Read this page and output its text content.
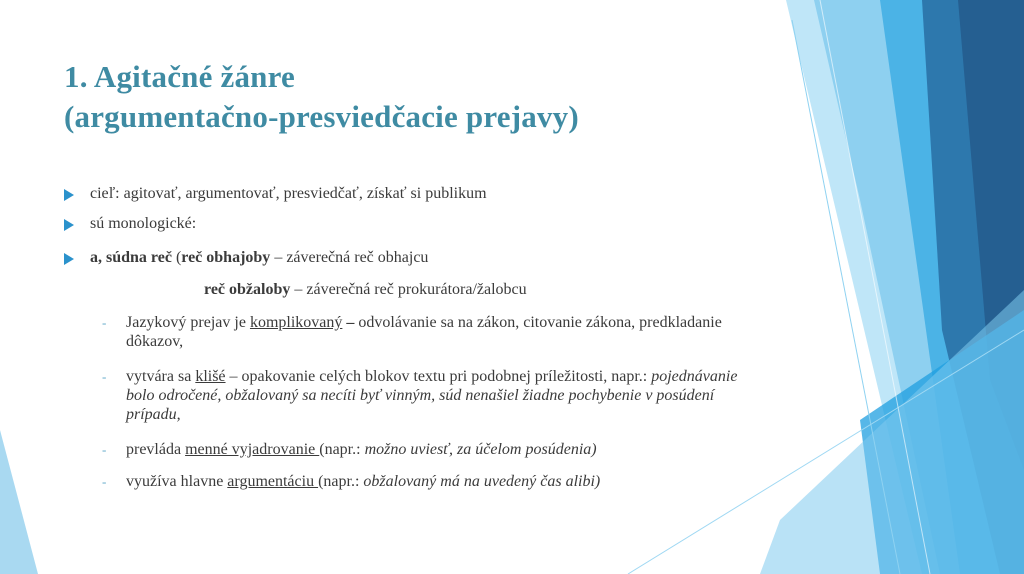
1. Agitačné žánre
(argumentačno-presviedčacie prejavy)
cieľ: agitovať, argumentovať, presviedčať, získať si publikum
sú monologické:
a, súdna reč (reč obhajoby – záverečná reč obhajcu
reč obžaloby – záverečná reč prokurátora/žalobcu
- Jazykový prejav je komplikovaný – odvolávanie sa na zákon, citovanie zákona, predkladanie dôkazov,
- vytvára sa klišé – opakovanie celých blokov textu pri podobnej príležitosti, napr.: pojednávanie bolo odročené, obžalovaný sa necíti byť vinným, súd nenašiel žiadne pochybenie v posúdení prípadu,
- prevláda menné vyjadrovanie (napr.: možno uviesť, za účelom posúdenia)
- využíva hlavne argumentáciu (napr.: obžalovaný má na uvedený čas alibi)
